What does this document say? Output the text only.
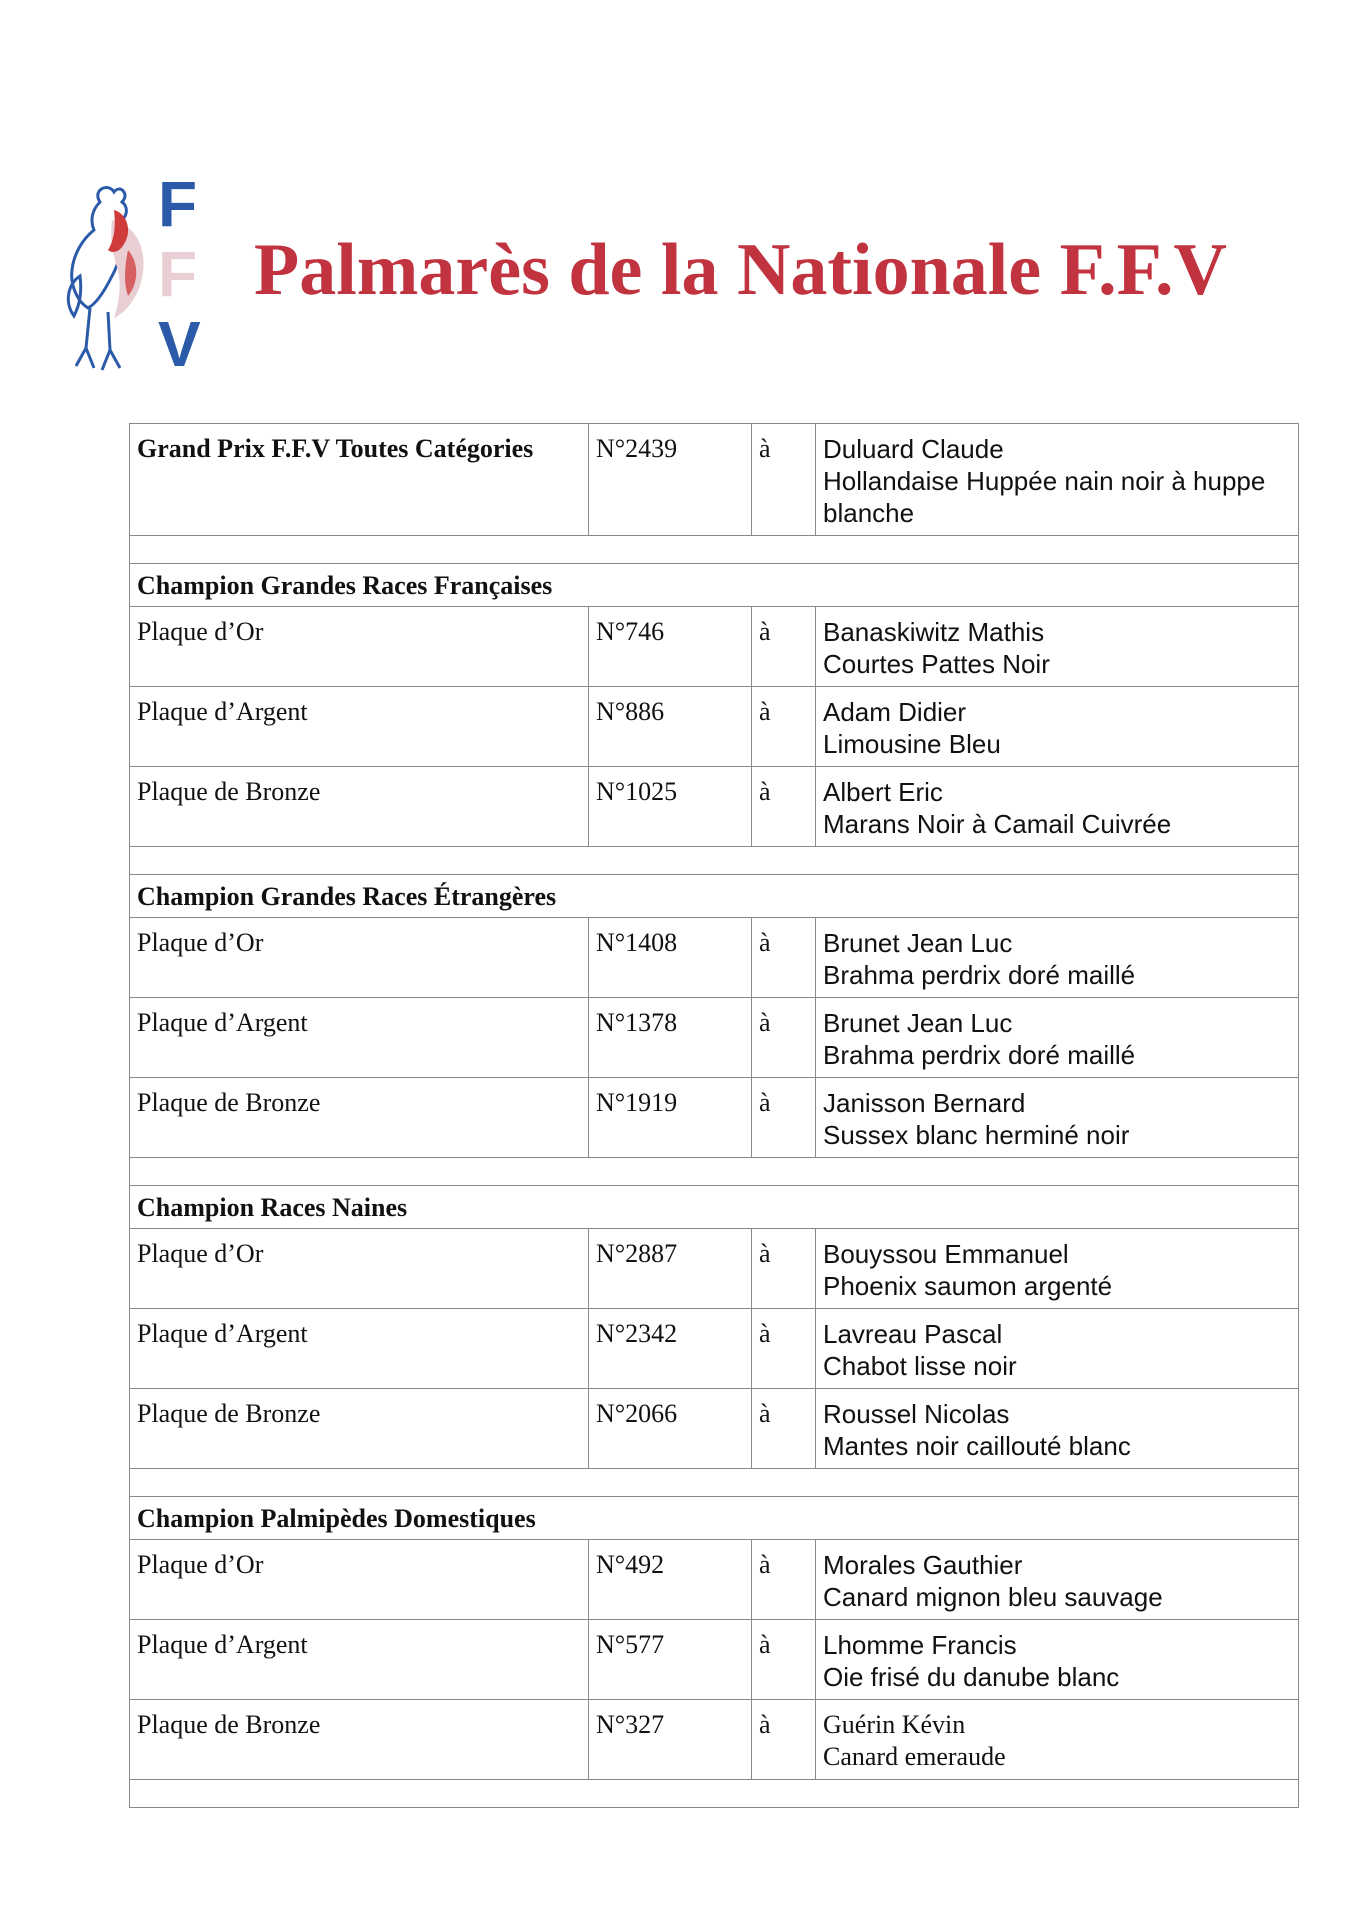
F
F
V
Palmarès de la Nationale F.F.V
Grand Prix F.F.V Toutes Catégories	N°2439	à	Duluard Claude
Hollandaise Huppée nain noir à huppe blanche

Champion Grandes Races Françaises			
Plaque d’Or	N°746	à	Banaskiwitz Mathis
Courtes Pattes Noir

Plaque d’Argent	N°886	à	Adam Didier
Limousine Bleu

Plaque de Bronze	N°1025	à	Albert Eric
Marans Noir à Camail Cuivrée

Champion Grandes Races Étrangères			
Plaque d’Or	N°1408	à	Brunet Jean Luc
Brahma perdrix doré maillé

Plaque d’Argent	N°1378	à	Brunet Jean Luc
Brahma perdrix doré maillé

Plaque de Bronze	N°1919	à	Janisson Bernard
Sussex blanc herminé noir

Champion Races Naines			
Plaque d’Or	N°2887	à	Bouyssou Emmanuel
Phoenix saumon argenté

Plaque d’Argent	N°2342	à	Lavreau Pascal
Chabot lisse noir

Plaque de Bronze	N°2066	à	Roussel Nicolas
Mantes noir caillouté blanc

Champion Palmipèdes Domestiques			
Plaque d’Or	N°492	à	Morales Gauthier
Canard mignon bleu sauvage

Plaque d’Argent	N°577	à	Lhomme Francis
Oie frisé du danube blanc

Plaque de Bronze	N°327	à	Guérin Kévin
Canard emeraude
